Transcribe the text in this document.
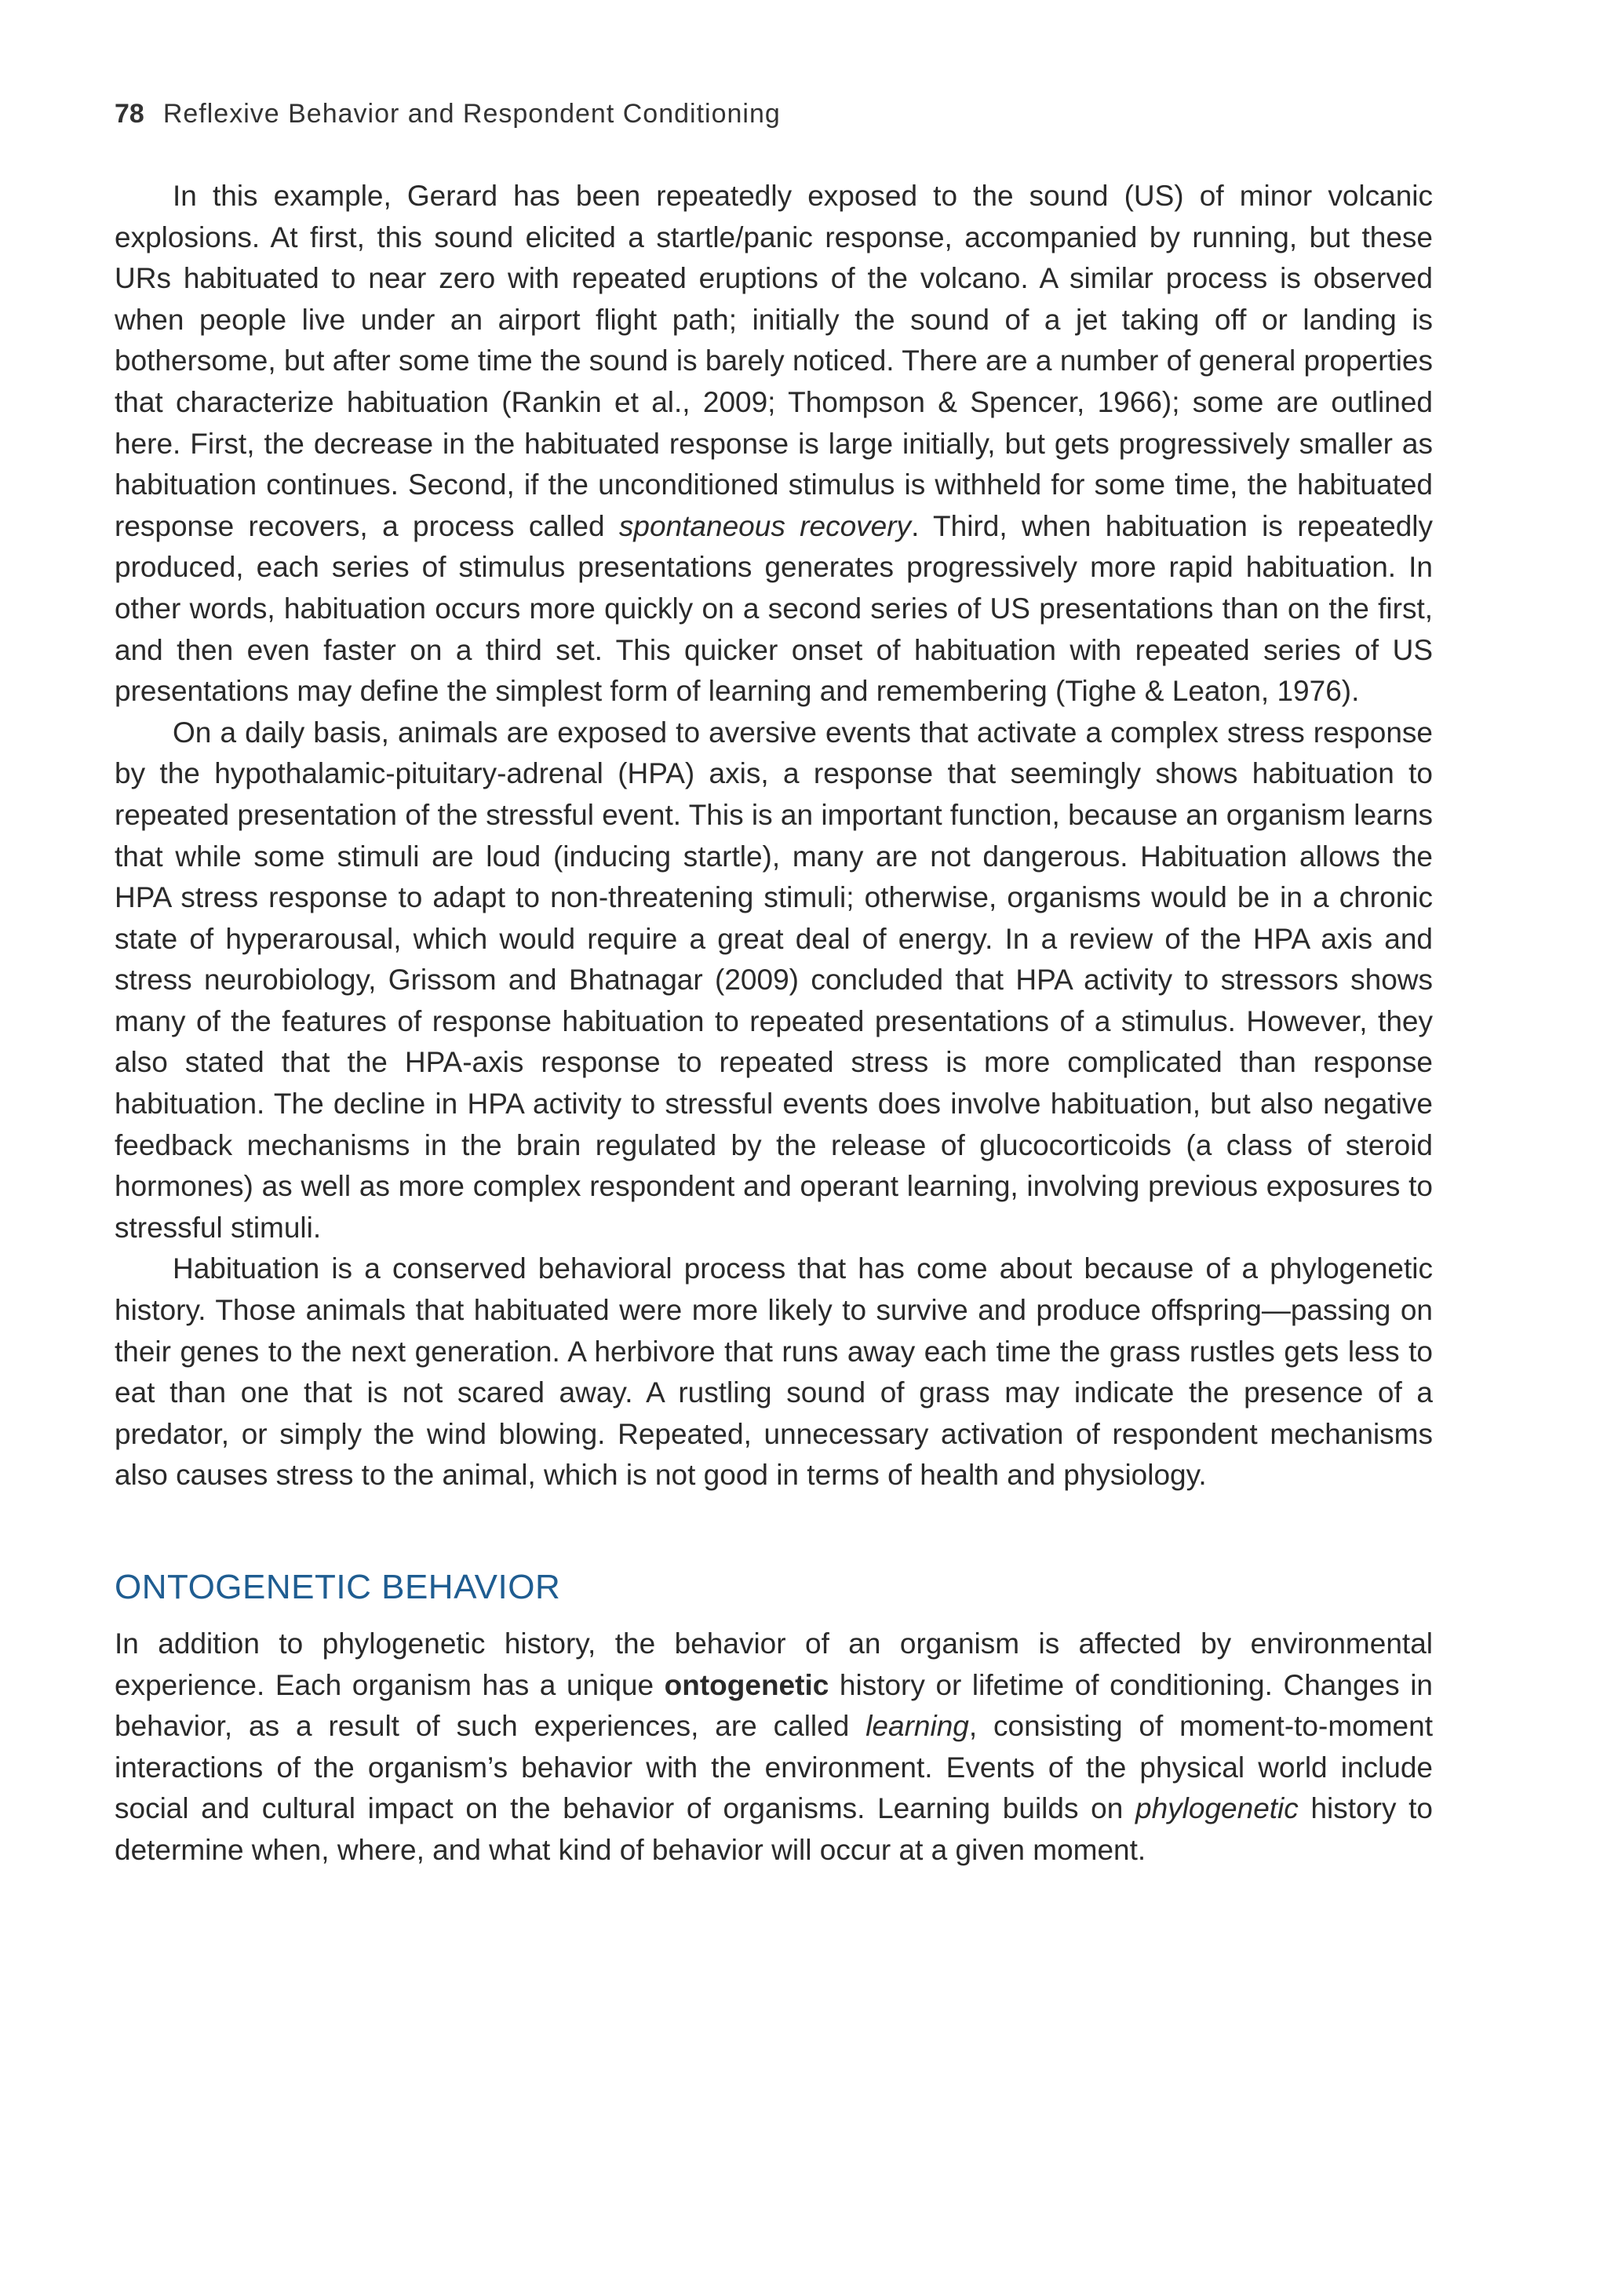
78 Reflexive Behavior and Respondent Conditioning

In this example, Gerard has been repeatedly exposed to the sound (US) of minor volcanic explosions. At first, this sound elicited a startle/panic response, accompanied by running, but these URs habituated to near zero with repeated eruptions of the volcano. A similar process is observed when people live under an airport flight path; initially the sound of a jet taking off or landing is bothersome, but after some time the sound is barely noticed. There are a number of general properties that characterize habituation (Rankin et al., 2009; Thompson & Spencer, 1966); some are outlined here. First, the decrease in the habituated response is large initially, but gets progressively smaller as habituation continues. Second, if the unconditioned stimulus is withheld for some time, the habituated response recovers, a process called spontaneous recovery. Third, when habituation is repeatedly produced, each series of stimulus presentations generates progressively more rapid habituation. In other words, habituation occurs more quickly on a second series of US presentations than on the first, and then even faster on a third set. This quicker onset of habituation with repeated series of US presentations may define the simplest form of learning and remembering (Tighe & Leaton, 1976).

On a daily basis, animals are exposed to aversive events that activate a complex stress response by the hypothalamic-pituitary-adrenal (HPA) axis, a response that seemingly shows habituation to repeated presentation of the stressful event. This is an important function, because an organism learns that while some stimuli are loud (inducing startle), many are not dangerous. Habituation allows the HPA stress response to adapt to non-threatening stimuli; otherwise, organisms would be in a chronic state of hyperarousal, which would require a great deal of energy. In a review of the HPA axis and stress neurobiology, Grissom and Bhatnagar (2009) concluded that HPA activity to stressors shows many of the features of response habituation to repeated presentations of a stimulus. However, they also stated that the HPA-axis response to repeated stress is more complicated than response habituation. The decline in HPA activity to stressful events does involve habituation, but also negative feedback mechanisms in the brain regulated by the release of glucocorticoids (a class of steroid hormones) as well as more complex respondent and operant learning, involving previous exposures to stressful stimuli.

Habituation is a conserved behavioral process that has come about because of a phylogenetic history. Those animals that habituated were more likely to survive and produce offspring—passing on their genes to the next generation. A herbivore that runs away each time the grass rustles gets less to eat than one that is not scared away. A rustling sound of grass may indicate the presence of a predator, or simply the wind blowing. Repeated, unnecessary activation of respondent mechanisms also causes stress to the animal, which is not good in terms of health and physiology.

ONTOGENETIC BEHAVIOR

In addition to phylogenetic history, the behavior of an organism is affected by environmental experience. Each organism has a unique ontogenetic history or lifetime of conditioning. Changes in behavior, as a result of such experiences, are called learning, consisting of moment-to-moment interactions of the organism’s behavior with the environment. Events of the physical world include social and cultural impact on the behavior of organisms. Learning builds on phylogenetic history to determine when, where, and what kind of behavior will occur at a given moment.
